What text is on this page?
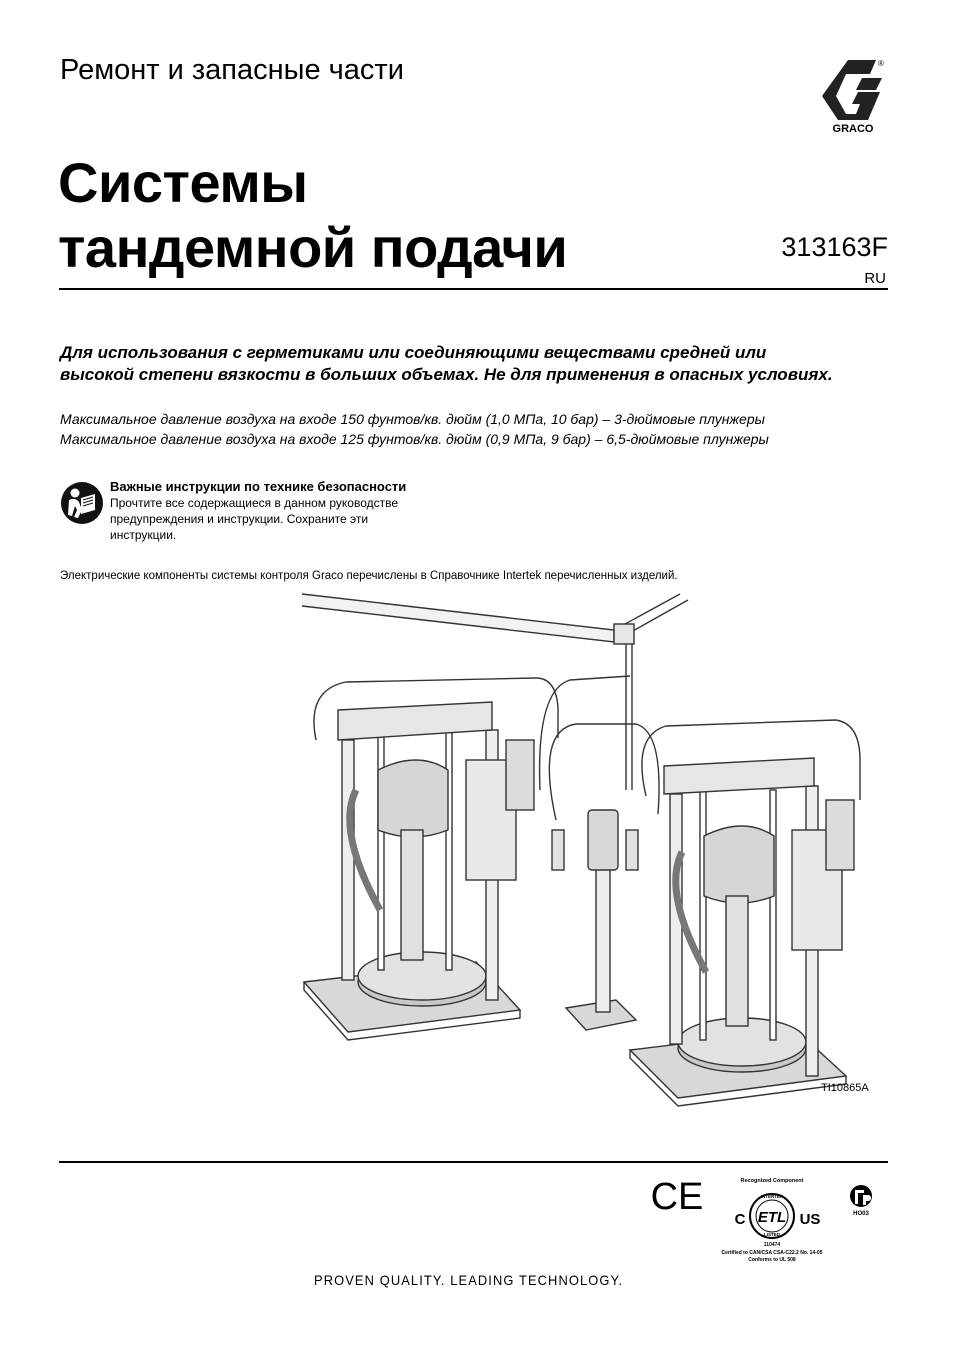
Ремонт и запасные части	®
GRACO
Системы
тандемной подачи	313163F
RU
Для использования с герметиками или соединяющими веществами средней или
высокой степени вязкости в больших объемах. Не для применения в опасных условиях.
Максимальное давление воздуха на входе 150 фунтов/кв. дюйм (1,0 МПа, 10 бар) – 3-дюймовые плунжеры
Максимальное давление воздуха на входе 125 фунтов/кв. дюйм (0,9 МПа, 9 бар) – 6,5-дюймовые плунжеры
Важные инструкции по технике безопасности
Прочтите все содержащиеся в данном руководстве
предупреждения и инструкции. Сохраните эти
инструкции.
Электрические компоненты системы контроля Graco перечислены в Справочнике Intertek перечисленных изделий.
TI10865A
CE	Recognized Component
INTERTEK
ETL
LISTED
C	US
110474
Certified to CAN/CSA CSA-C22.2 No. 14-05
Conforms to UL 508
HO03
PROVEN QUALITY. LEADING TECHNOLOGY.
